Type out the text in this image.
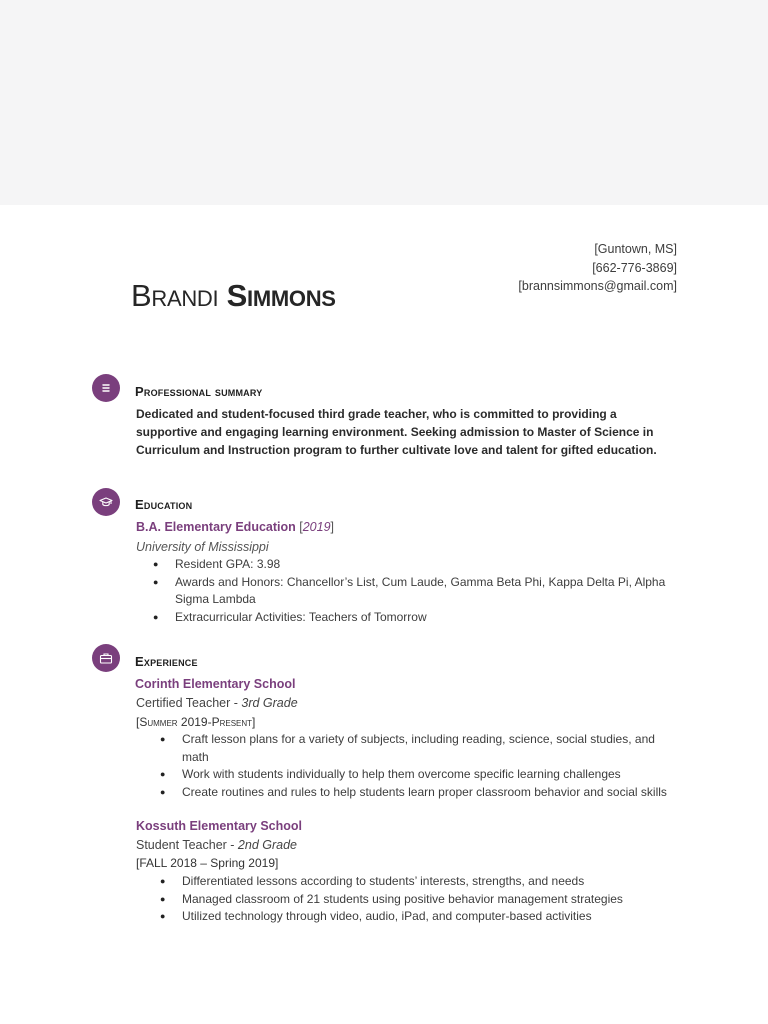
[Guntown, MS]
[662-776-3869]
[brannsimmons@gmail.com]
Brandi Simmons
Professional summary
Dedicated and student-focused third grade teacher, who is committed to providing a supportive and engaging learning environment. Seeking admission to Master of Science in Curriculum and Instruction program to further cultivate love and talent for gifted education.
Education
B.A. Elementary Education [2019]
University of Mississippi
● Resident GPA: 3.98
● Awards and Honors: Chancellor’s List, Cum Laude, Gamma Beta Phi, Kappa Delta Pi, Alpha Sigma Lambda
● Extracurricular Activities: Teachers of Tomorrow
Experience
Corinth Elementary School
Certified Teacher - 3rd Grade
[Summer 2019-Present]
● Craft lesson plans for a variety of subjects, including reading, science, social studies, and math
● Work with students individually to help them overcome specific learning challenges
● Create routines and rules to help students learn proper classroom behavior and social skills
Kossuth Elementary School
Student Teacher - 2nd Grade
[FALL 2018 – Spring 2019]
● Differentiated lessons according to students’ interests, strengths, and needs
● Managed classroom of 21 students using positive behavior management strategies
● Utilized technology through video, audio, iPad, and computer-based activities
